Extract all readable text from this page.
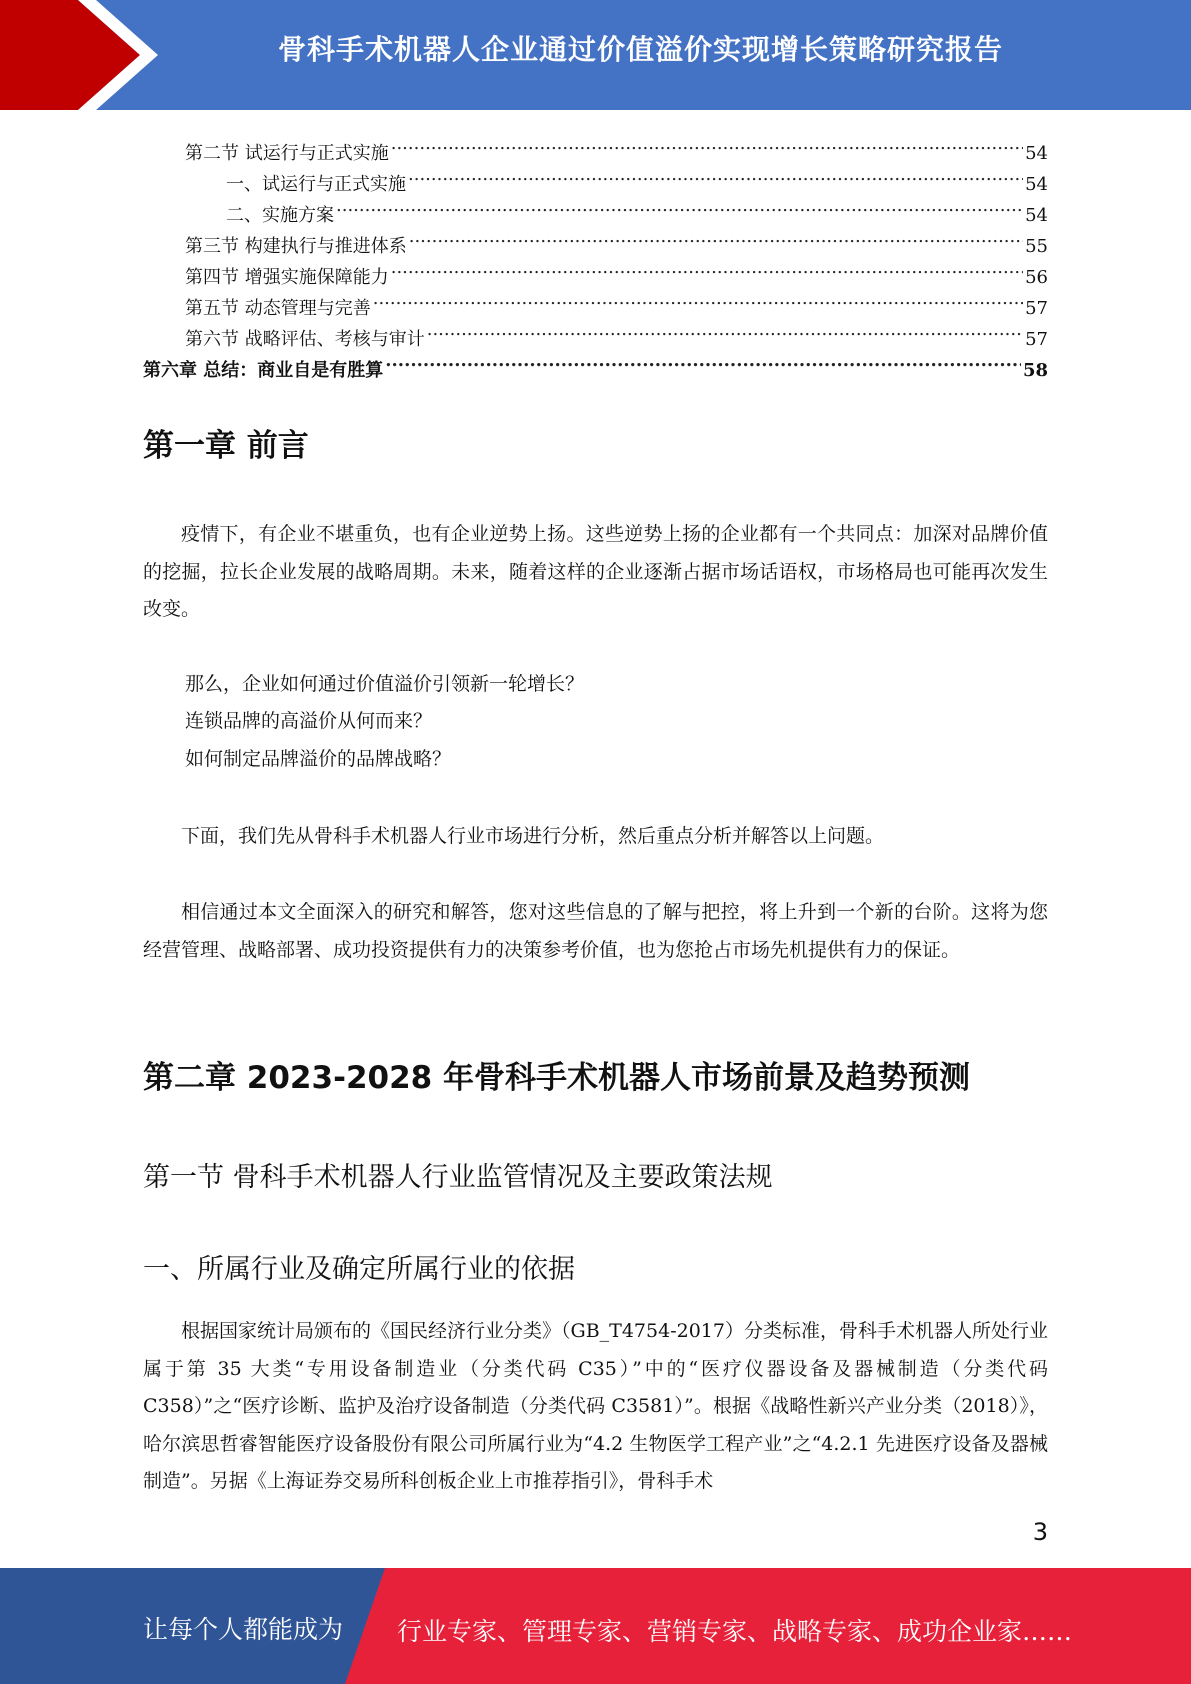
骨科手术机器人企业通过价值溢价实现增长策略研究报告
第二节 试运行与正式实施 .....	54
一、试运行与正式实施 .....	54
二、实施方案 .....	54
第三节 构建执行与推进体系 .....	55
第四节 增强实施保障能力 .....	56
第五节 动态管理与完善 .....	57
第六节 战略评估、考核与审计 .....	57
第六章 总结：商业自是有胜算 .....	58
第一章 前言

疫情下，有企业不堪重负，也有企业逆势上扬。这些逆势上扬的企业都有一个共同点：加深对品牌价值的挖掘，拉长企业发展的战略周期。未来，随着这样的企业逐渐占据市场话语权，市场格局也可能再次发生改变。

那么，企业如何通过价值溢价引领新一轮增长？

连锁品牌的高溢价从何而来？

如何制定品牌溢价的品牌战略？

下面，我们先从骨科手术机器人行业市场进行分析，然后重点分析并解答以上问题。

相信通过本文全面深入的研究和解答，您对这些信息的了解与把控，将上升到一个新的台阶。这将为您经营管理、战略部署、成功投资提供有力的决策参考价值，也为您抢占市场先机提供有力的保证。

第二章 2023-2028 年骨科手术机器人市场前景及趋势预测
第一节 骨科手术机器人行业监管情况及主要政策法规
一、所属行业及确定所属行业的依据

根据国家统计局颁布的《国民经济行业分类》（GB_T4754-2017）分类标准，骨科手术机器人所处行业属于第 35 大类“专用设备制造业（分类代码 C35）”中的“医疗仪器设备及器械制造（分类代码 C358）”之“医疗诊断、监护及治疗设备制造（分类代码 C3581）”。根据《战略性新兴产业分类（2018）》，哈尔滨思哲睿智能医疗设备股份有限公司所属行业为“4.2 生物医学工程产业”之“4.2.1 先进医疗设备及器械制造”。另据《上海证券交易所科创板企业上市推荐指引》，骨科手术

3
让每个人都能成为 行业专家、管理专家、营销专家、战略专家、成功企业家……
